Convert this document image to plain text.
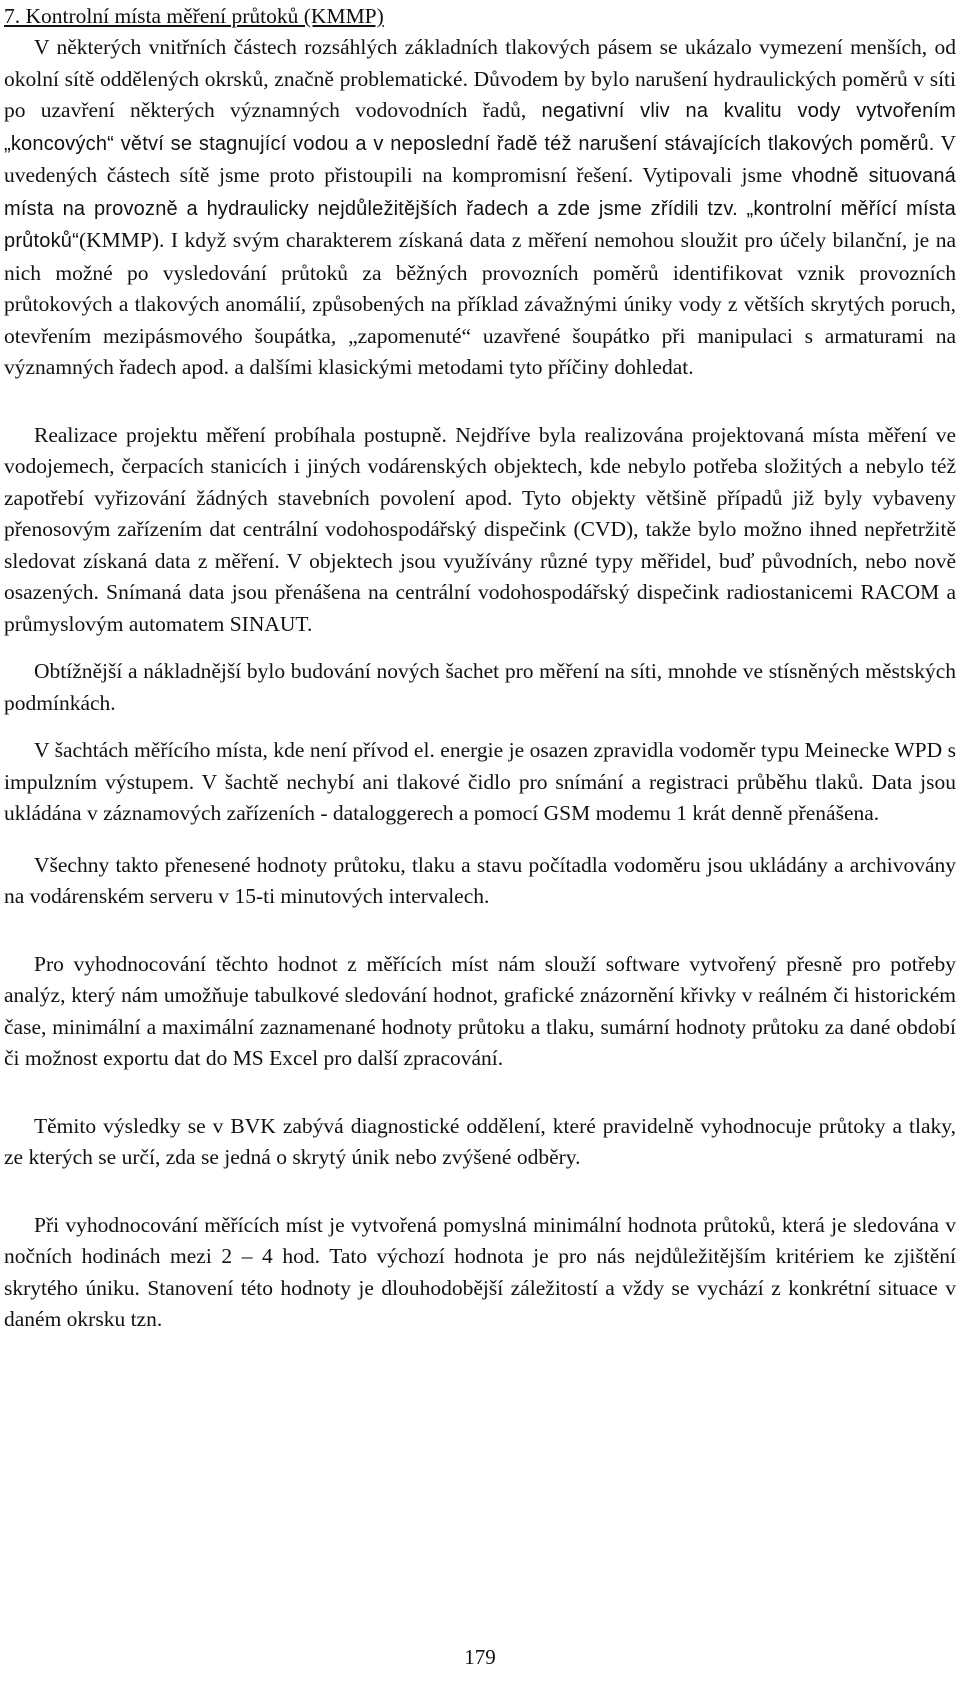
7. Kontrolní místa měření průtoků (KMMP)

V některých vnitřních částech rozsáhlých základních tlakových pásem se ukázalo vymezení menších, od okolní sítě oddělených okrsků, značně problematické. Důvodem by bylo narušení hydraulických poměrů v síti po uzavření některých významných vodovodních řadů, negativní vliv na kvalitu vody vytvořením „koncových“ větví se stagnující vodou a v neposlední řadě též narušení stávajících tlakových poměrů. V uvedených částech sítě jsme proto přistoupili na kompromisní řešení. Vytipovali jsme vhodně situovaná místa na provozně a hydraulicky nejdůležitějších řadech a zde jsme zřídili tzv. „kontrolní měřící místa průtoků“(KMMP). I když svým charakterem získaná data z měření nemohou sloužit pro účely bilanční, je na nich možné po vysledování průtoků za běžných provozních poměrů identifikovat vznik provozních průtokových a tlakových anomálií, způsobených na příklad závažnými úniky vody z větších skrytých poruch, otevřením mezipásmového šoupátka, „zapomenuté“ uzavřené šoupátko při manipulaci s armaturami na významných řadech apod. a dalšími klasickými metodami tyto příčiny dohledat.

Realizace projektu měření probíhala postupně. Nejdříve byla realizována projektovaná místa měření ve vodojemech, čerpacích stanicích i jiných vodárenských objektech, kde nebylo potřeba složitých a nebylo též zapotřebí vyřizování žádných stavebních povolení apod. Tyto objekty většině případů již byly vybaveny přenosovým zařízením dat centrální vodohospodářský dispečink (CVD), takže bylo možno ihned nepřetržitě sledovat získaná data z měření. V objektech jsou využívány různé typy měřidel, buď původních, nebo nově osazených. Snímaná data jsou přenášena na centrální vodohospodářský dispečink radiostanicemi RACOM a průmyslovým automatem SINAUT.

Obtížnější a nákladnější bylo budování nových šachet pro měření na síti, mnohde ve stísněných městských podmínkách.

V šachtách měřícího místa, kde není přívod el. energie je osazen zpravidla vodoměr typu Meinecke WPD s impulzním výstupem. V šachtě nechybí ani tlakové čidlo pro snímání a registraci průběhu tlaků. Data jsou ukládána v záznamových zařízeních - dataloggerech a pomocí GSM modemu 1 krát denně přenášena.

Všechny takto přenesené hodnoty průtoku, tlaku a stavu počítadla vodoměru jsou ukládány a archivovány na vodárenském serveru v 15-ti minutových intervalech.

Pro vyhodnocování těchto hodnot z měřících míst nám slouží software vytvořený přesně pro potřeby analýz, který nám umožňuje tabulkové sledování hodnot, grafické znázornění křivky v reálném či historickém čase, minimální a maximální zaznamenané hodnoty průtoku a tlaku, sumární hodnoty průtoku za dané období či možnost exportu dat do MS Excel pro další zpracování.

Těmito výsledky se v BVK zabývá diagnostické oddělení, které pravidelně vyhodnocuje průtoky a tlaky, ze kterých se určí, zda se jedná o skrytý únik nebo zvýšené odběry.

Při vyhodnocování měřících míst je vytvořená pomyslná minimální hodnota průtoků, která je sledována v nočních hodinách mezi 2 – 4 hod. Tato výchozí hodnota je pro nás nejdůležitějším kritériem ke zjištění skrytého úniku. Stanovení této hodnoty je dlouhodobější záležitostí a vždy se vychází z konkrétní situace v daném okrsku tzn.

179
